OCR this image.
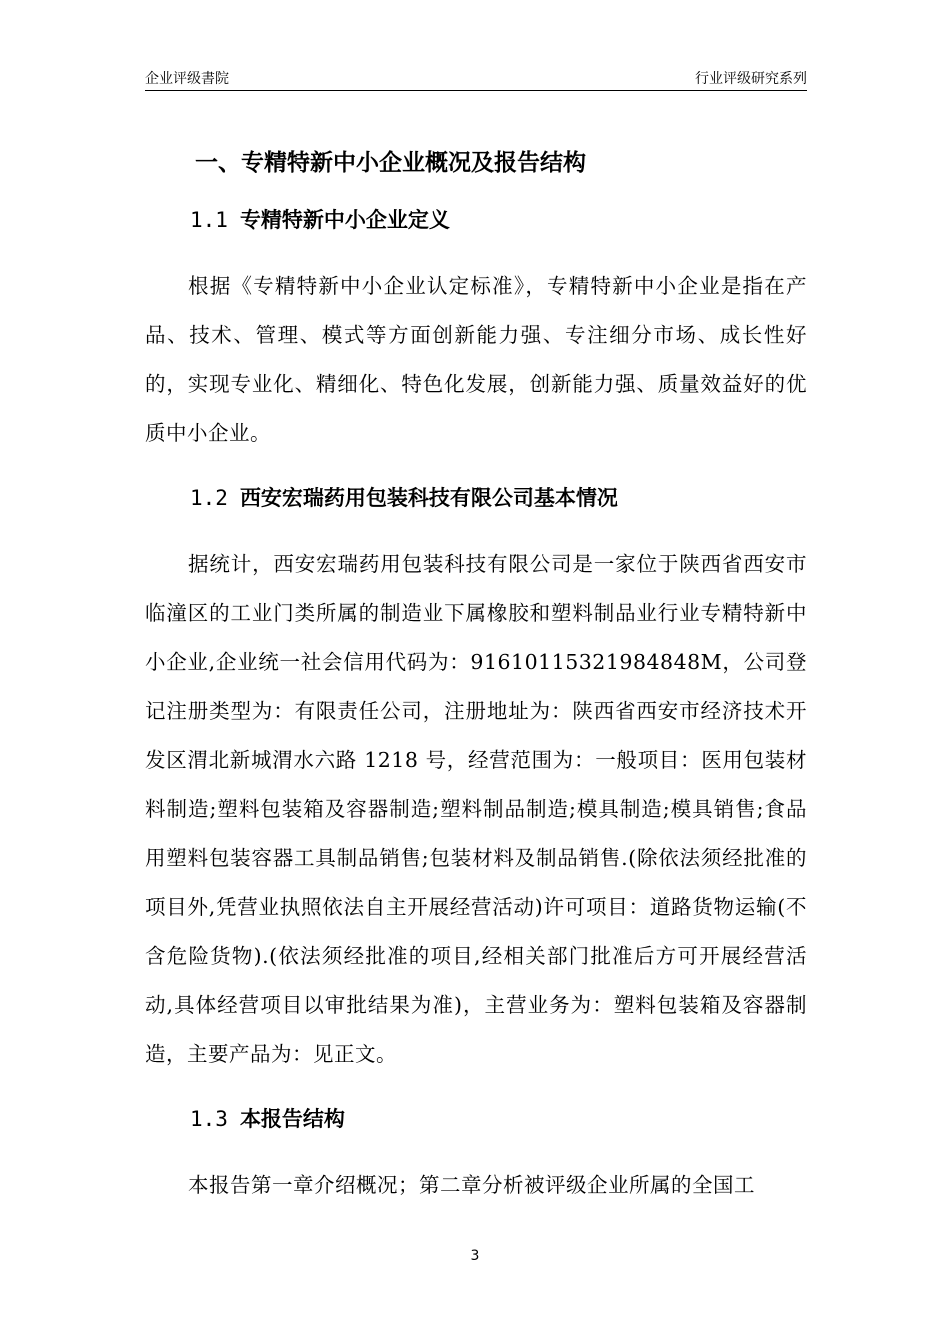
企业评级書院	行业评级研究系列
一、专精特新中小企业概况及报告结构
1.1 专精特新中小企业定义

根据《专精特新中小企业认定标准》，专精特新中小企业是指在产品、技术、管理、模式等方面创新能力强、专注细分市场、成长性好的，实现专业化、精细化、特色化发展，创新能力强、质量效益好的优质中小企业。

1.2 西安宏瑞药用包装科技有限公司基本情况

据统计，西安宏瑞药用包装科技有限公司是一家位于陕西省西安市临潼区的工业门类所属的制造业下属橡胶和塑料制品业行业专精特新中小企业,企业统一社会信用代码为：91610115321984848M，公司登记注册类型为：有限责任公司，注册地址为：陕西省西安市经济技术开发区渭北新城渭水六路 1218 号，经营范围为：一般项目：医用包装材料制造;塑料包装箱及容器制造;塑料制品制造;模具制造;模具销售;食品用塑料包装容器工具制品销售;包装材料及制品销售.(除依法须经批准的项目外,凭营业执照依法自主开展经营活动)许可项目：道路货物运输(不含危险货物).(依法须经批准的项目,经相关部门批准后方可开展经营活动,具体经营项目以审批结果为准)，主营业务为：塑料包装箱及容器制造，主要产品为：见正文。

1.3 本报告结构

本报告第一章介绍概况；第二章分析被评级企业所属的全国工

3
